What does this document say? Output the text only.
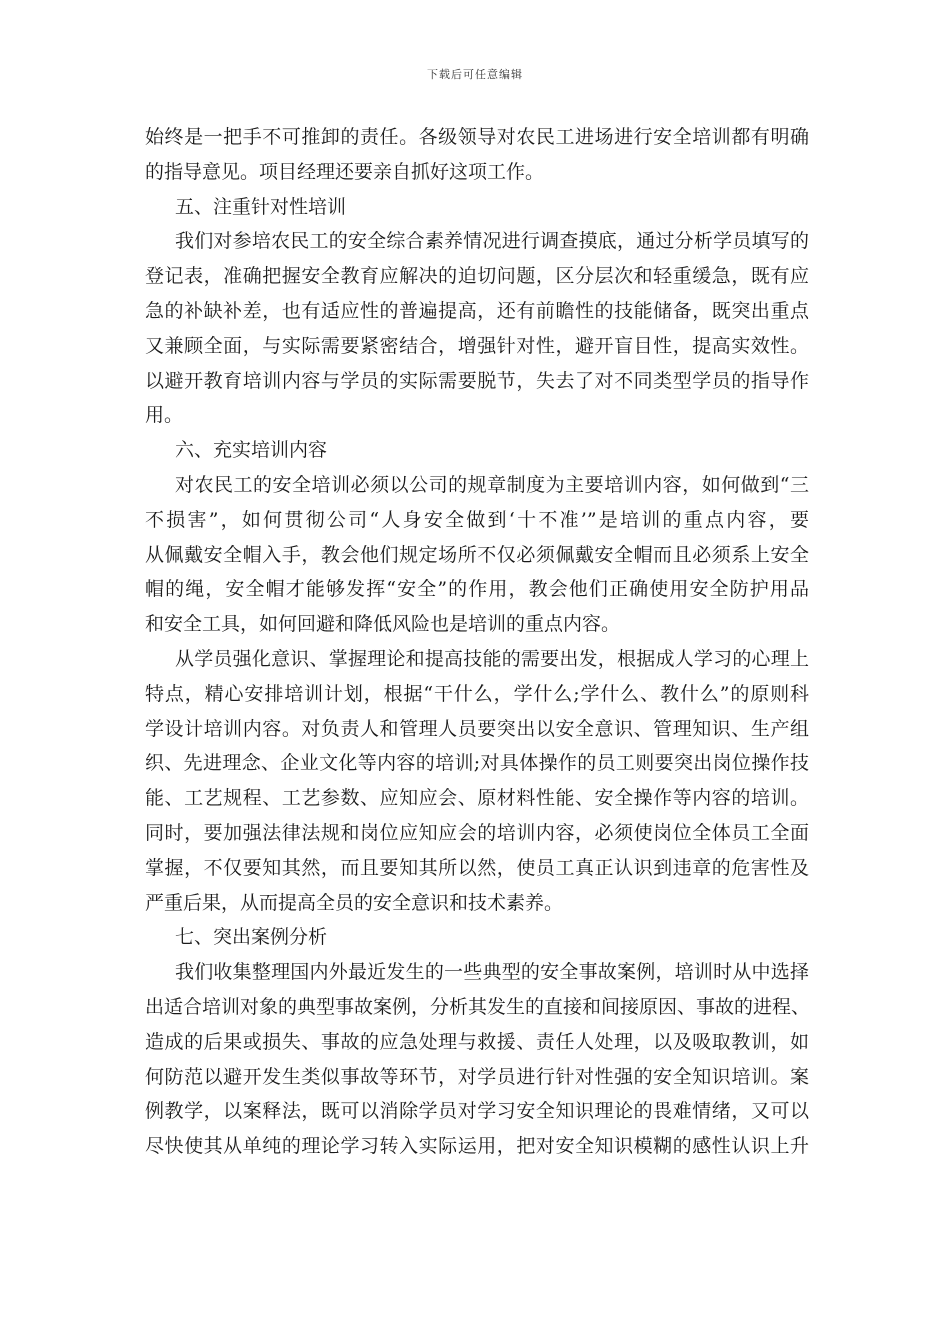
下载后可任意编辑
始终是一把手不可推卸的责任。各级领导对农民工进场进行安全培训都有明确
的指导意见。项目经理还要亲自抓好这项工作。
五、注重针对性培训
我们对参培农民工的安全综合素养情况进行调查摸底，通过分析学员填写的
登记表，准确把握安全教育应解决的迫切问题，区分层次和轻重缓急，既有应
急的补缺补差，也有适应性的普遍提高，还有前瞻性的技能储备，既突出重点
又兼顾全面，与实际需要紧密结合，增强针对性，避开盲目性，提高实效性。
以避开教育培训内容与学员的实际需要脱节，失去了对不同类型学员的指导作
用。
六、充实培训内容
对农民工的安全培训必须以公司的规章制度为主要培训内容，如何做到“三
不损害”，如何贯彻公司“人身安全做到‘十不准’”是培训的重点内容，要
从佩戴安全帽入手，教会他们规定场所不仅必须佩戴安全帽而且必须系上安全
帽的绳，安全帽才能够发挥“安全”的作用，教会他们正确使用安全防护用品
和安全工具，如何回避和降低风险也是培训的重点内容。
从学员强化意识、掌握理论和提高技能的需要出发，根据成人学习的心理上
特点，精心安排培训计划，根据“干什么，学什么;学什么、教什么”的原则科
学设计培训内容。对负责人和管理人员要突出以安全意识、管理知识、生产组
织、先进理念、企业文化等内容的培训;对具体操作的员工则要突出岗位操作技
能、工艺规程、工艺参数、应知应会、原材料性能、安全操作等内容的培训。
同时，要加强法律法规和岗位应知应会的培训内容，必须使岗位全体员工全面
掌握，不仅要知其然，而且要知其所以然，使员工真正认识到违章的危害性及
严重后果，从而提高全员的安全意识和技术素养。
七、突出案例分析
我们收集整理国内外最近发生的一些典型的安全事故案例，培训时从中选择
出适合培训对象的典型事故案例，分析其发生的直接和间接原因、事故的进程、
造成的后果或损失、事故的应急处理与救援、责任人处理，以及吸取教训，如
何防范以避开发生类似事故等环节，对学员进行针对性强的安全知识培训。案
例教学，以案释法，既可以消除学员对学习安全知识理论的畏难情绪，又可以
尽快使其从单纯的理论学习转入实际运用，把对安全知识模糊的感性认识上升
